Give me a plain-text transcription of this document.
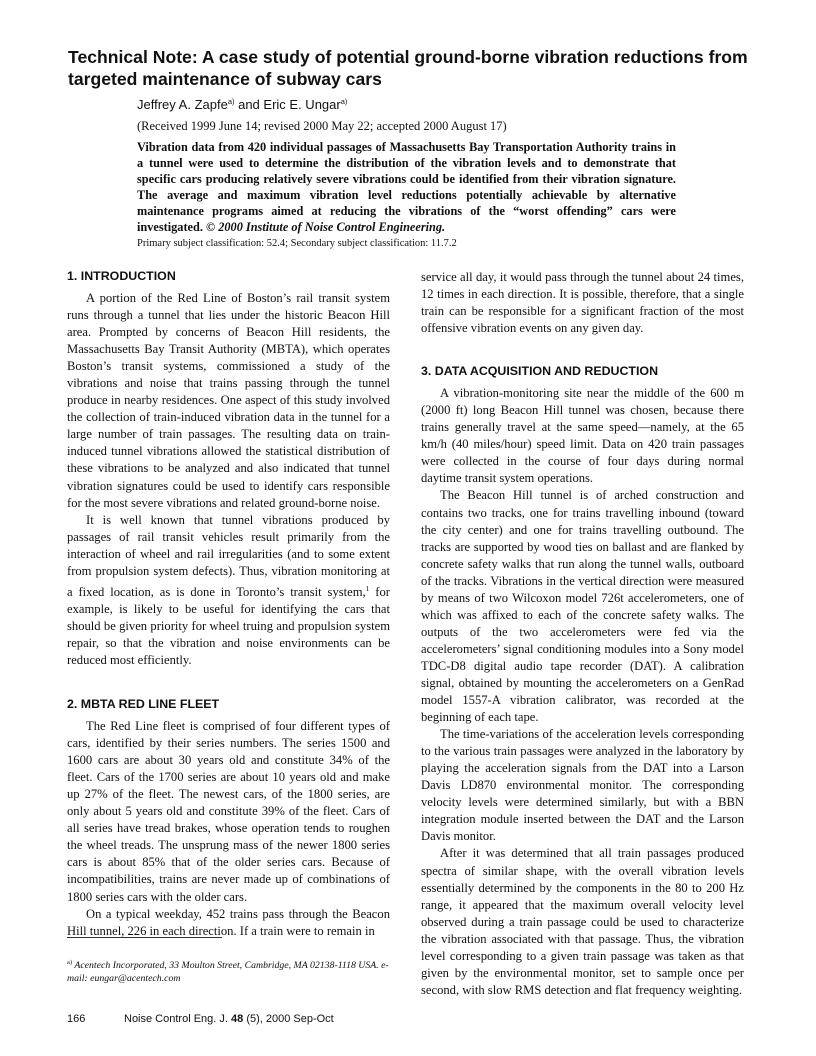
Technical Note: A case study of potential ground-borne vibration reductions from targeted maintenance of subway cars
Jeffrey A. Zapfe$^{a)}$ and Eric E. Ungar$^{a)}$
(Received 1999 June 14; revised 2000 May 22; accepted 2000 August 17)

Vibration data from 420 individual passages of Massachusetts Bay Transportation Authority trains in a tunnel were used to determine the distribution of the vibration levels and to demonstrate that specific cars producing relatively severe vibrations could be identified from their vibration signature. The average and maximum vibration level reductions potentially achievable by alternative maintenance programs aimed at reducing the vibrations of the “worst offending” cars were investigated. © 2000 Institute of Noise Control Engineering.

Primary subject classification: 52.4; Secondary subject classification: 11.7.2
1. INTRODUCTION

A portion of the Red Line of Boston’s rail transit system runs through a tunnel that lies under the historic Beacon Hill area. Prompted by concerns of Beacon Hill residents, the Massachusetts Bay Transit Authority (MBTA), which operates Boston’s transit systems, commissioned a study of the vibrations and noise that trains passing through the tunnel produce in nearby residences. One aspect of this study involved the collection of train-induced vibration data in the tunnel for a large number of train passages. The resulting data on train-induced tunnel vibrations allowed the statistical distribution of these vibrations to be analyzed and also indicated that tunnel vibration signatures could be used to identify cars responsible for the most severe vibrations and related ground-borne noise.

It is well known that tunnel vibrations produced by passages of rail transit vehicles result primarily from the interaction of wheel and rail irregularities (and to some extent from propulsion system defects). Thus, vibration monitoring at a fixed location, as is done in Toronto’s transit system,$^1$ for example, is likely to be useful for identifying the cars that should be given priority for wheel truing and propulsion system repair, so that the vibration and noise environments can be reduced most efficiently.

2. MBTA RED LINE FLEET

The Red Line fleet is comprised of four different types of cars, identified by their series numbers. The series 1500 and 1600 cars are about 30 years old and constitute 34% of the fleet. Cars of the 1700 series are about 10 years old and make up 27% of the fleet. The newest cars, of the 1800 series, are only about 5 years old and constitute 39% of the fleet. Cars of all series have tread brakes, whose operation tends to roughen the wheel treads. The unsprung mass of the newer 1800 series cars is about 85% that of the older series cars. Because of incompatibilities, trains are never made up of combinations of 1800 series cars with the older cars.

On a typical weekday, 452 trains pass through the Beacon Hill tunnel, 226 in each direction. If a train were to remain in

service all day, it would pass through the tunnel about 24 times, 12 times in each direction. It is possible, therefore, that a single train can be responsible for a significant fraction of the most offensive vibration events on any given day.

3. DATA ACQUISITION AND REDUCTION

A vibration-monitoring site near the middle of the 600 m (2000 ft) long Beacon Hill tunnel was chosen, because there trains generally travel at the same speed—namely, at the 65 km/h (40 miles/hour) speed limit. Data on 420 train passages were collected in the course of four days during normal daytime transit system operations.

The Beacon Hill tunnel is of arched construction and contains two tracks, one for trains travelling inbound (toward the city center) and one for trains travelling outbound. The tracks are supported by wood ties on ballast and are flanked by concrete safety walks that run along the tunnel walls, outboard of the tracks. Vibrations in the vertical direction were measured by means of two Wilcoxon model 726t accelerometers, one of which was affixed to each of the concrete safety walks. The outputs of the two accelerometers were fed via the accelerometers’ signal conditioning modules into a Sony model TDC-D8 digital audio tape recorder (DAT). A calibration signal, obtained by mounting the accelerometers on a GenRad model 1557-A vibration calibrator, was recorded at the beginning of each tape.

The time-variations of the acceleration levels corresponding to the various train passages were analyzed in the laboratory by playing the acceleration signals from the DAT into a Larson Davis LD870 environmental monitor. The corresponding velocity levels were determined similarly, but with a BBN integration module inserted between the DAT and the Larson Davis monitor.

After it was determined that all train passages produced spectra of similar shape, with the overall vibration levels essentially determined by the components in the 80 to 200 Hz range, it appeared that the maximum overall velocity level observed during a train passage could be used to characterize the vibration associated with that passage. Thus, the vibration level corresponding to a given train passage was taken as that given by the environmental monitor, set to sample once per second, with slow RMS detection and flat frequency weighting.

$^{a)}$ Acentech Incorporated, 33 Moulton Street, Cambridge, MA 02138-1118 USA. e-mail: eungar@acentech.com
166	Noise Control Eng. J. 48 (5), 2000 Sep-Oct
